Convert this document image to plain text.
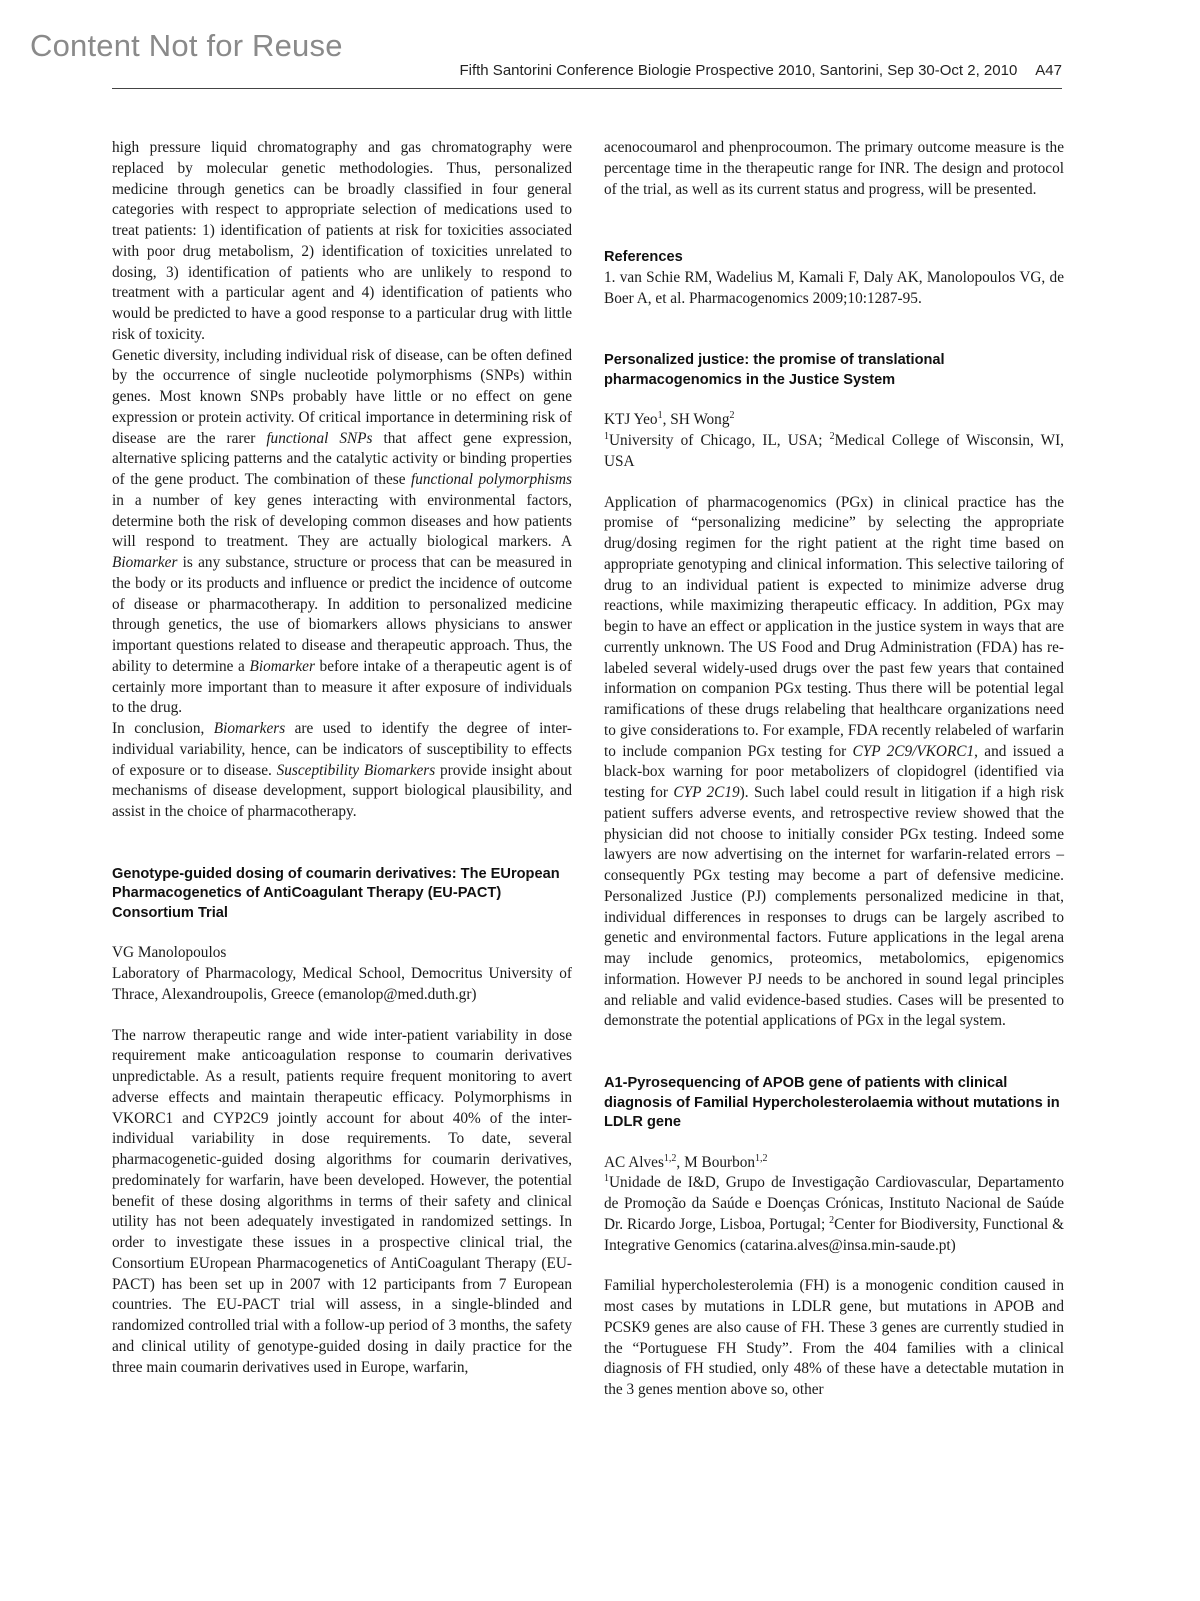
Content Not for Reuse
Fifth Santorini Conference Biologie Prospective 2010, Santorini, Sep 30-Oct 2, 2010 A47

high pressure liquid chromatography and gas chromatography were replaced by molecular genetic methodologies. Thus, personalized medicine through genetics can be broadly classified in four general categories with respect to appropriate selection of medications used to treat patients: 1) identification of patients at risk for toxicities associated with poor drug metabolism, 2) identification of toxicities unrelated to dosing, 3) identification of patients who are unlikely to respond to treatment with a particular agent and 4) identification of patients who would be predicted to have a good response to a particular drug with little risk of toxicity.

Genetic diversity, including individual risk of disease, can be often defined by the occurrence of single nucleotide polymorphisms (SNPs) within genes. Most known SNPs probably have little or no effect on gene expression or protein activity. Of critical importance in determining risk of disease are the rarer functional SNPs that affect gene expression, alternative splicing patterns and the catalytic activity or binding properties of the gene product. The combination of these functional polymorphisms in a number of key genes interacting with environmental factors, determine both the risk of developing common diseases and how patients will respond to treatment. They are actually biological markers. A Biomarker is any substance, structure or process that can be measured in the body or its products and influence or predict the incidence of outcome of disease or pharmacotherapy. In addition to personalized medicine through genetics, the use of biomarkers allows physicians to answer important questions related to disease and therapeutic approach. Thus, the ability to determine a Biomarker before intake of a therapeutic agent is of certainly more important than to measure it after exposure of individuals to the drug.

In conclusion, Biomarkers are used to identify the degree of inter-individual variability, hence, can be indicators of susceptibility to effects of exposure or to disease. Susceptibility Biomarkers provide insight about mechanisms of disease development, support biological plausibility, and assist in the choice of pharmacotherapy.

Genotype-guided dosing of coumarin derivatives: The EUropean Pharmacogenetics of AntiCoagulant Therapy (EU-PACT) Consortium Trial

VG Manolopoulos

Laboratory of Pharmacology, Medical School, Democritus University of Thrace, Alexandroupolis, Greece (emanolop@med.duth.gr)

The narrow therapeutic range and wide inter-patient variability in dose requirement make anticoagulation response to coumarin derivatives unpredictable. As a result, patients require frequent monitoring to avert adverse effects and maintain therapeutic efficacy. Polymorphisms in VKORC1 and CYP2C9 jointly account for about 40% of the inter-individual variability in dose requirements. To date, several pharmacogenetic-guided dosing algorithms for coumarin derivatives, predominately for warfarin, have been developed. However, the potential benefit of these dosing algorithms in terms of their safety and clinical utility has not been adequately investigated in randomized settings. In order to investigate these issues in a prospective clinical trial, the Consortium EUropean Pharmacogenetics of AntiCoagulant Therapy (EU-PACT) has been set up in 2007 with 12 participants from 7 European countries. The EU-PACT trial will assess, in a single-blinded and randomized controlled trial with a follow-up period of 3 months, the safety and clinical utility of genotype-guided dosing in daily practice for the three main coumarin derivatives used in Europe, warfarin,

acenocoumarol and phenprocoumon. The primary outcome measure is the percentage time in the therapeutic range for INR. The design and protocol of the trial, as well as its current status and progress, will be presented.

References

1. van Schie RM, Wadelius M, Kamali F, Daly AK, Manolopoulos VG, de Boer A, et al. Pharmacogenomics 2009;10:1287-95.

Personalized justice: the promise of translational pharmacogenomics in the Justice System

KTJ Yeo$^1$, SH Wong$^2$

$^1$University of Chicago, IL, USA; $^2$Medical College of Wisconsin, WI, USA

Application of pharmacogenomics (PGx) in clinical practice has the promise of “personalizing medicine” by selecting the appropriate drug/dosing regimen for the right patient at the right time based on appropriate genotyping and clinical information. This selective tailoring of drug to an individual patient is expected to minimize adverse drug reactions, while maximizing therapeutic efficacy. In addition, PGx may begin to have an effect or application in the justice system in ways that are currently unknown. The US Food and Drug Administration (FDA) has re-labeled several widely-used drugs over the past few years that contained information on companion PGx testing. Thus there will be potential legal ramifications of these drugs relabeling that healthcare organizations need to give considerations to. For example, FDA recently relabeled of warfarin to include companion PGx testing for CYP 2C9/VKORC1, and issued a black-box warning for poor metabolizers of clopidogrel (identified via testing for CYP 2C19). Such label could result in litigation if a high risk patient suffers adverse events, and retrospective review showed that the physician did not choose to initially consider PGx testing. Indeed some lawyers are now advertising on the internet for warfarin-related errors – consequently PGx testing may become a part of defensive medicine. Personalized Justice (PJ) complements personalized medicine in that, individual differences in responses to drugs can be largely ascribed to genetic and environmental factors. Future applications in the legal arena may include genomics, proteomics, metabolomics, epigenomics information. However PJ needs to be anchored in sound legal principles and reliable and valid evidence-based studies. Cases will be presented to demonstrate the potential applications of PGx in the legal system.

A1-Pyrosequencing of APOB gene of patients with clinical diagnosis of Familial Hypercholesterolaemia without mutations in LDLR gene

AC Alves$^{1,2}$, M Bourbon$^{1,2}$

$^1$Unidade de I&D, Grupo de Investigação Cardiovascular, Departamento de Promoção da Saúde e Doenças Crónicas, Instituto Nacional de Saúde Dr. Ricardo Jorge, Lisboa, Portugal; $^2$Center for Biodiversity, Functional & Integrative Genomics (catarina.alves@insa.min-saude.pt)

Familial hypercholesterolemia (FH) is a monogenic condition caused in most cases by mutations in LDLR gene, but mutations in APOB and PCSK9 genes are also cause of FH. These 3 genes are currently studied in the “Portuguese FH Study”. From the 404 families with a clinical diagnosis of FH studied, only 48% of these have a detectable mutation in the 3 genes mention above so, other
